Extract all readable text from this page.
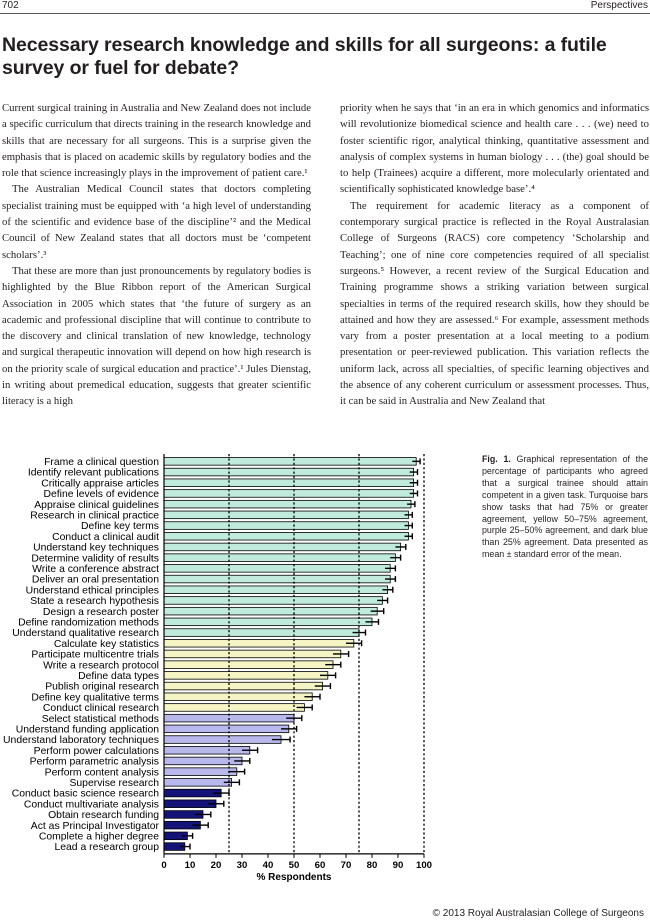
702	Perspectives
Necessary research knowledge and skills for all surgeons: a futile survey or fuel for debate?

Current surgical training in Australia and New Zealand does not include a specific curriculum that directs training in the research knowledge and skills that are necessary for all surgeons. This is a surprise given the emphasis that is placed on academic skills by regulatory bodies and the role that science increasingly plays in the improvement of patient care.¹

The Australian Medical Council states that doctors completing specialist training must be equipped with ‘a high level of understanding of the scientific and evidence base of the discipline’² and the Medical Council of New Zealand states that all doctors must be ‘competent scholars’.³

That these are more than just pronouncements by regulatory bodies is highlighted by the Blue Ribbon report of the American Surgical Association in 2005 which states that ‘the future of surgery as an academic and professional discipline that will continue to contribute to the discovery and clinical translation of new knowledge, technology and surgical therapeutic innovation will depend on how high research is on the priority scale of surgical education and practice’.¹ Jules Dienstag, in writing about premedical education, suggests that greater scientific literacy is a high

priority when he says that ‘in an era in which genomics and informatics will revolutionize biomedical science and health care . . . (we) need to foster scientific rigor, analytical thinking, quantitative assessment and analysis of complex systems in human biology . . . (the) goal should be to help (Trainees) acquire a different, more molecularly orientated and scientifically sophisticated knowledge base’.⁴

The requirement for academic literacy as a component of contemporary surgical practice is reflected in the Royal Australasian College of Surgeons (RACS) core competency ‘Scholarship and Teaching’; one of nine core competencies required of all specialist surgeons.⁵ However, a recent review of the Surgical Education and Training programme shows a striking variation between surgical specialties in terms of the required research skills, how they should be attained and how they are assessed.⁶ For example, assessment methods vary from a poster presentation at a local meeting to a podium presentation or peer-reviewed publication. This variation reflects the uniform lack, across all specialties, of specific learning objectives and the absence of any coherent curriculum or assessment processes. Thus, it can be said in Australia and New Zealand that

0 10 20 30 40 50 60 70 80 90 100
Frame a clinical question
Identify relevant publications
Critically appraise articles
Define levels of evidence
Appraise clinical guidelines
Research in clinical practice
Define key terms
Conduct a clinical audit
Understand key techniques
Determine validity of results
Write a conference abstract
Deliver an oral presentation
Understand ethical principles
State a research hypothesis
Design a research poster
Define randomization methods
Understand qualitative research
Calculate key statistics
Participate multicentre trials
Write a research protocol
Define data types
Publish original research
Define key qualitative terms
Conduct clinical research
Select statistical methods
Understand funding application
Understand laboratory techniques
Perform power calculations
Perform parametric analysis
Perform content analysis
Supervise research
Conduct basic science research
Conduct multivariate analysis
Obtain research funding
Act as Principal Investigator
Complete a higher degree
Lead a research group
% Respondents

Fig. 1. Graphical representation of the percentage of participants who agreed that a surgical trainee should attain competent in a given task. Turquoise bars show tasks that had 75% or greater agreement, yellow 50–75% agreement, purple 25–50% agreement, and dark blue than 25% agreement. Data presented as mean ± standard error of the mean.

© 2013 Royal Australasian College of Surgeons
